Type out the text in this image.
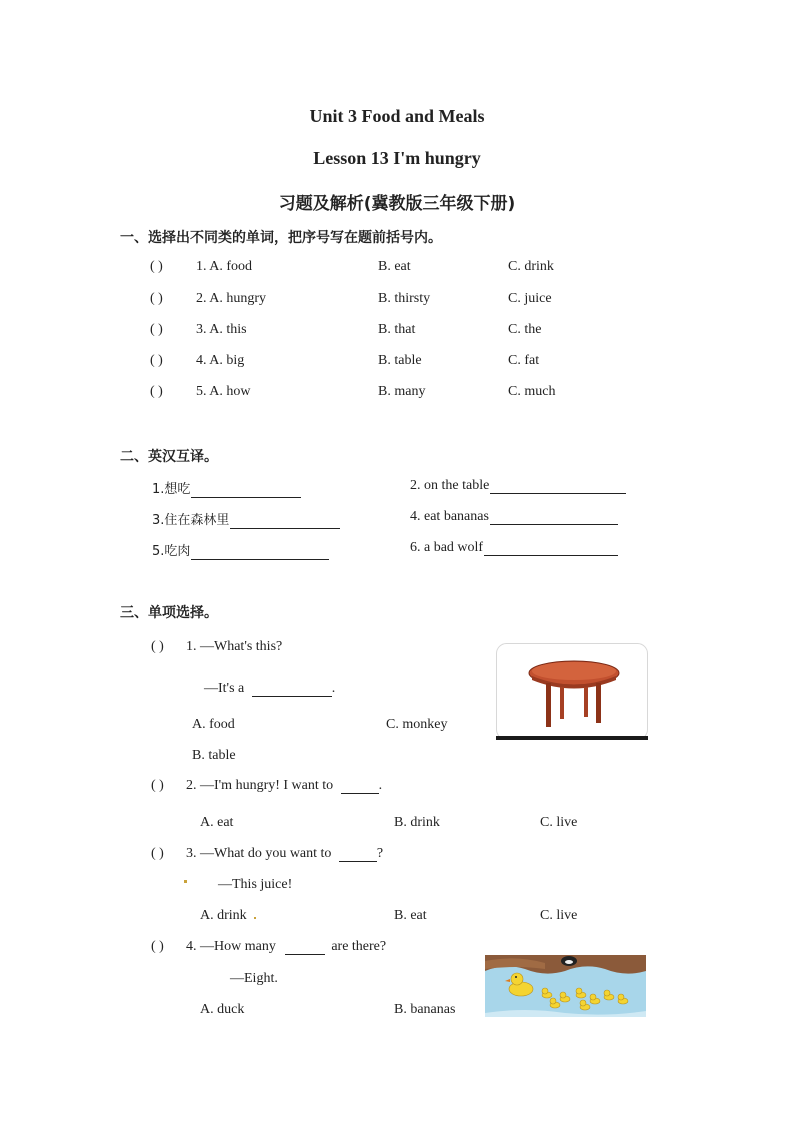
Unit 3 Food and Meals
Lesson 13 I'm hungry
习题及解析(冀教版三年级下册)
一、选择出不同类的单词，把序号写在题前括号内。
( ) 1. A. food	B. eat	C. drink
( ) 2. A. hungry	B. thirsty	C. juice
( ) 3. A. this	B. that	C. the
( ) 4. A. big	B. table	C. fat
( ) 5. A. how	B. many	C. much
二、英汉互译。
1.想吃	2. on the table
3.住在森林里	4. eat bananas
5.吃肉	6. a bad wolf
三、单项选择。
( ) 1. —What's this?
—It's a	.
A. food	C. monkey
B. table
( ) 2. —I'm hungry! I want to	.
A. eat	B. drink	C. live
( ) 3. —What do you want to	?
—This juice!
A. drink	B. eat	C. live
( ) 4. —How many	are there?
—Eight.
A. duck	B. bananas
